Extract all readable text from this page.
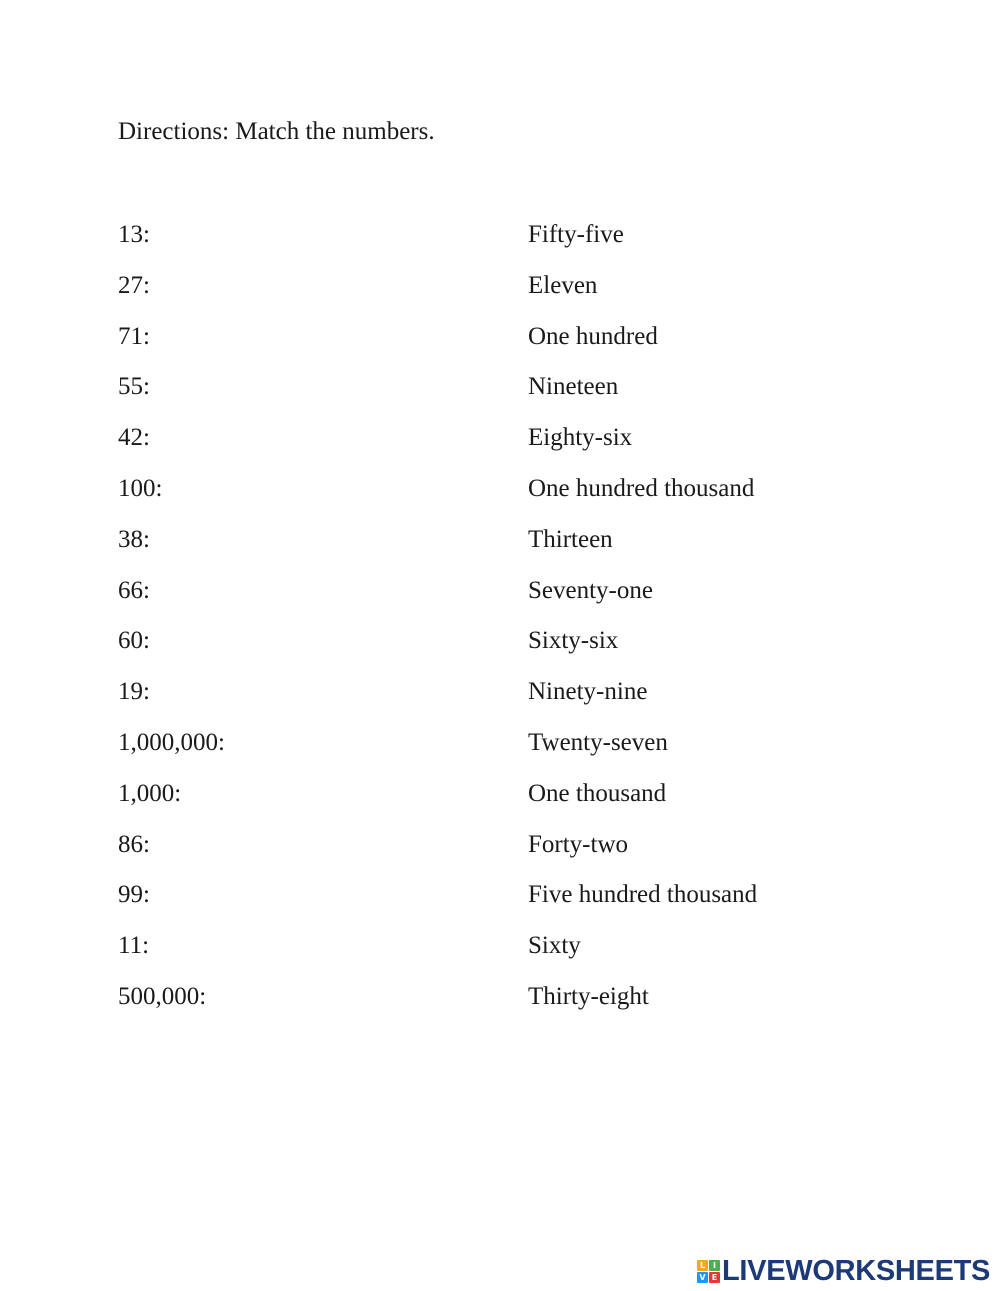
Directions: Match the numbers.
13:	Fifty-five
27:	Eleven
71:	One hundred
55:	Nineteen
42:	Eighty-six
100:	One hundred thousand
38:	Thirteen
66:	Seventy-one
60:	Sixty-six
19:	Ninety-nine
1,000,000:	Twenty-seven
1,000:	One thousand
86:	Forty-two
99:	Five hundred thousand
11:	Sixty
500,000:	Thirty-eight
L I
V E LIVEWORKSHEETS
